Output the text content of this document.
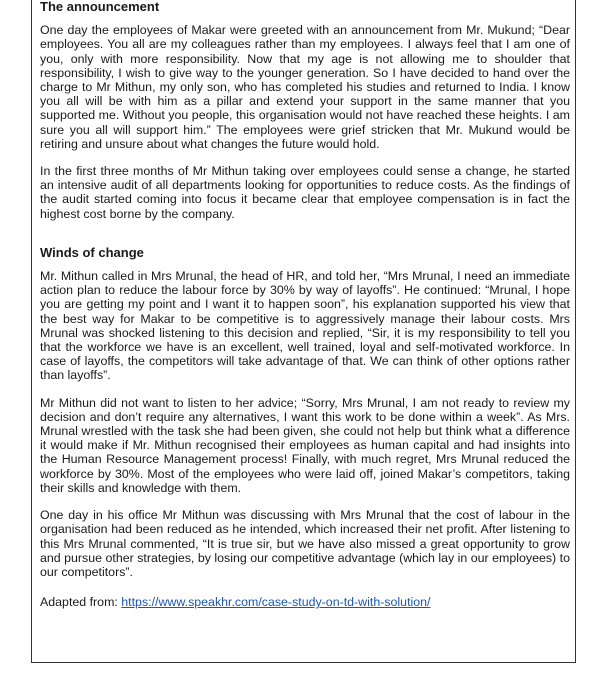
The announcement

One day the employees of Makar were greeted with an announcement from Mr. Mukund; “Dear employees. You all are my colleagues rather than my employees. I always feel that I am one of you, only with more responsibility. Now that my age is not allowing me to shoulder that responsibility, I wish to give way to the younger generation. So I have decided to hand over the charge to Mr Mithun, my only son, who has completed his studies and returned to India. I know you all will be with him as a pillar and extend your support in the same manner that you supported me. Without you people, this organisation would not have reached these heights. I am sure you all will support him.” The employees were grief stricken that Mr. Mukund would be retiring and unsure about what changes the future would hold.

In the first three months of Mr Mithun taking over employees could sense a change, he started an intensive audit of all departments looking for opportunities to reduce costs. As the findings of the audit started coming into focus it became clear that employee compensation is in fact the highest cost borne by the company.

Winds of change

Mr. Mithun called in Mrs Mrunal, the head of HR, and told her, “Mrs Mrunal, I need an immediate action plan to reduce the labour force by 30% by way of layoffs”. He continued: “Mrunal, I hope you are getting my point and I want it to happen soon”, his explanation supported his view that the best way for Makar to be competitive is to aggressively manage their labour costs. Mrs Mrunal was shocked listening to this decision and replied, “Sir, it is my responsibility to tell you that the workforce we have is an excellent, well trained, loyal and self-motivated workforce. In case of layoffs, the competitors will take advantage of that. We can think of other options rather than layoffs”.

Mr Mithun did not want to listen to her advice; “Sorry, Mrs Mrunal, I am not ready to review my decision and don’t require any alternatives, I want this work to be done within a week”. As Mrs. Mrunal wrestled with the task she had been given, she could not help but think what a difference it would make if Mr. Mithun recognised their employees as human capital and had insights into the Human Resource Management process! Finally, with much regret, Mrs Mrunal reduced the workforce by 30%. Most of the employees who were laid off, joined Makar’s competitors, taking their skills and knowledge with them.

One day in his office Mr Mithun was discussing with Mrs Mrunal that the cost of labour in the organisation had been reduced as he intended, which increased their net profit. After listening to this Mrs Mrunal commented, “It is true sir, but we have also missed a great opportunity to grow and pursue other strategies, by losing our competitive advantage (which lay in our employees) to our competitors”.

Adapted from: https://www.speakhr.com/case-study-on-td-with-solution/
